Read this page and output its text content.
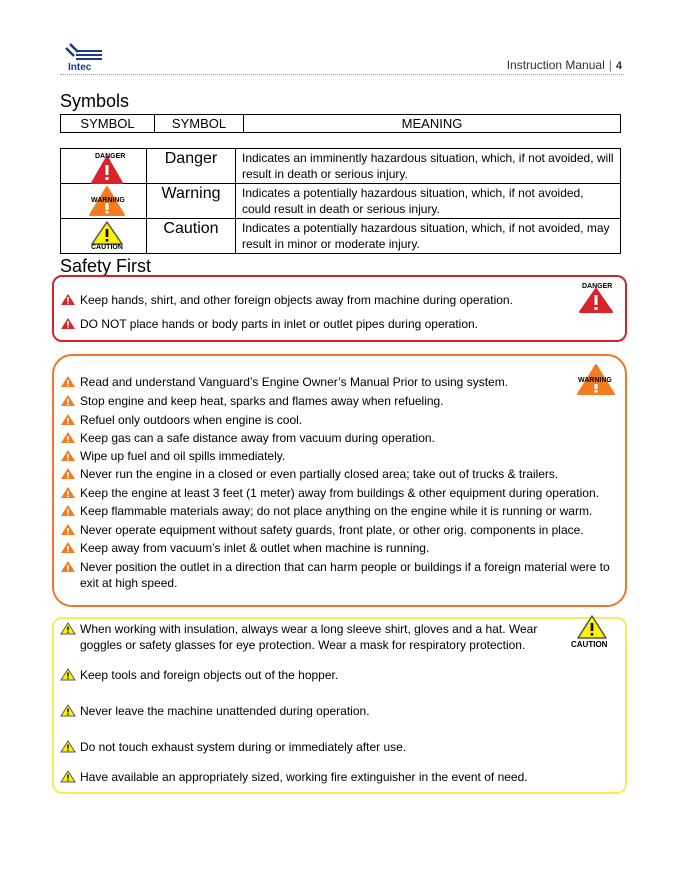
Intec	Instruction Manual | 4
Symbols
SYMBOL	SYMBOL	MEANING
DANGER	Danger	Indicates an imminently hazardous situation, which, if not avoided, will result in death or serious injury.

WARNING	Warning	Indicates a potentially hazardous situation, which, if not avoided, could result in death or serious injury.

CAUTION	Caution	Indicates a potentially hazardous situation, which, if not avoided, may result in minor or moderate injury.
Safety First
DANGER
Keep hands, shirt, and other foreign objects away from machine during operation.
DO NOT place hands or body parts in inlet or outlet pipes during operation.
WARNING
Read and understand Vanguard’s Engine Owner’s Manual Prior to using system.
Stop engine and keep heat, sparks and flames away when refueling.
Refuel only outdoors when engine is cool.
Keep gas can a safe distance away from vacuum during operation.
Wipe up fuel and oil spills immediately.
Never run the engine in a closed or even partially closed area; take out of trucks & trailers.
Keep the engine at least 3 feet (1 meter) away from buildings & other equipment during operation.
Keep flammable materials away; do not place anything on the engine while it is running or warm.
Never operate equipment without safety guards, front plate, or other orig. components in place.
Keep away from vacuum’s inlet & outlet when machine is running.
Never position the outlet in a direction that can harm people or buildings if a foreign material were to exit at high speed.
CAUTION
When working with insulation, always wear a long sleeve shirt, gloves and a hat. Wear goggles or safety glasses for eye protection. Wear a mask for respiratory protection.
Keep tools and foreign objects out of the hopper.
Never leave the machine unattended during operation.
Do not touch exhaust system during or immediately after use.
Have available an appropriately sized, working fire extinguisher in the event of need.
